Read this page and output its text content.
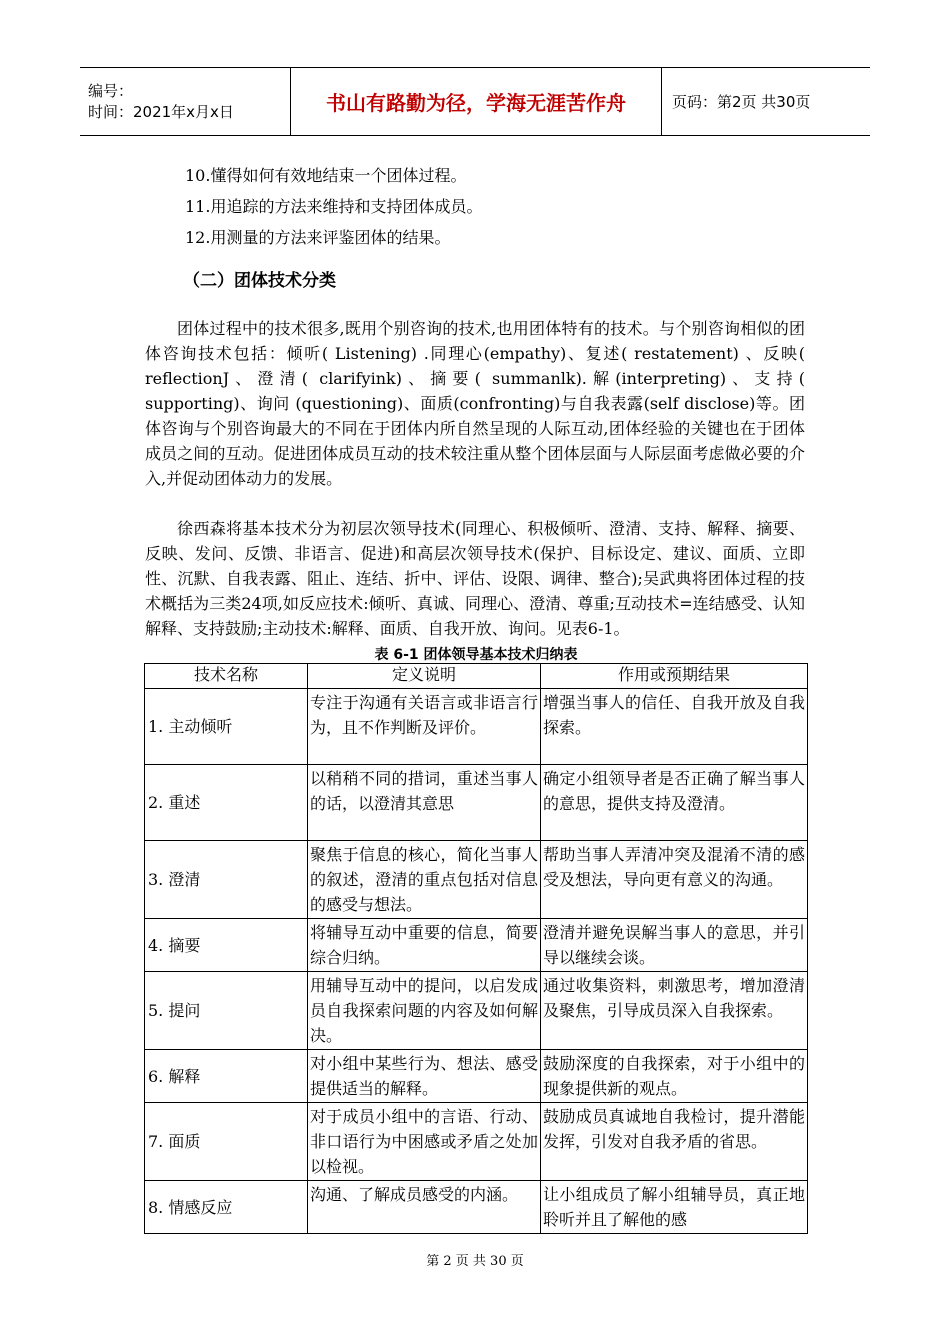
编号：
时间：2021年x月x日	书山有路勤为径，学海无涯苦作舟	页码：第2页 共30页
10.懂得如何有效地结束一个团体过程。
11.用追踪的方法来维持和支持团体成员。
12.用测量的方法来评鉴团体的结果。
（二）团体技术分类

团体过程中的技术很多,既用个别咨询的技术,也用团体特有的技术。与个别咨询相似的团体咨询技术包括：倾听( Listening) .同理心(empathy)、复述( restatement) 、反映( reflectionJ、澄清( clarifyink)、摘要( summanlk).解(interpreting)、支持( supporting)、询问 (questioning)、面质(confronting)与自我表露(self disclose)等。团体咨询与个别咨询最大的不同在于团体内所自然呈现的人际互动,团体经验的关键也在于团体成员之间的互动。促进团体成员互动的技术较注重从整个团体层面与人际层面考虑做必要的介入,并促动团体动力的发展。

徐西森将基本技术分为初层次领导技术(同理心、积极倾听、澄清、支持、解释、摘要、反映、发问、反馈、非语言、促进)和高层次领导技术(保护、目标设定、建议、面质、立即性、沉默、自我表露、阻止、连结、折中、评估、设限、调律、整合);吴武典将团体过程的技术概括为三类24项,如反应技术:倾听、真诚、同理心、澄清、尊重;互动技术=连结感受、认知解释、支持鼓励;主动技术:解释、面质、自我开放、询问。见表6-1。

表 6-1 团体领导基本技术归纳表
技术名称	定义说明	作用或预期结果
1. 主动倾听	专注于沟通有关语言或非语言行为，且不作判断及评价。	增强当事人的信任、自我开放及自我探索。
2. 重述	以稍稍不同的措词，重述当事人的话，以澄清其意思	确定小组领导者是否正确了解当事人的意思，提供支持及澄清。
3. 澄清	聚焦于信息的核心，简化当事人的叙述，澄清的重点包括对信息的感受与想法。	帮助当事人弄清冲突及混淆不清的感受及想法，导向更有意义的沟通。
4. 摘要	将辅导互动中重要的信息，简要综合归纳。	澄清并避免误解当事人的意思，并引导以继续会谈。
5. 提问	用辅导互动中的提问，以启发成员自我探索问题的内容及如何解决。	通过收集资料，刺激思考，增加澄清及聚焦，引导成员深入自我探索。
6. 解释	对小组中某些行为、想法、感受提供适当的解释。	鼓励深度的自我探索，对于小组中的现象提供新的观点。
7. 面质	对于成员小组中的言语、行动、非口语行为中困感或矛盾之处加以检视。	鼓励成员真诚地自我检讨，提升潜能发挥，引发对自我矛盾的省思。
8. 情感反应	沟通、了解成员感受的内涵。	让小组成员了解小组辅导员，真正地聆听并且了解他的感
第 2 页 共 30 页
